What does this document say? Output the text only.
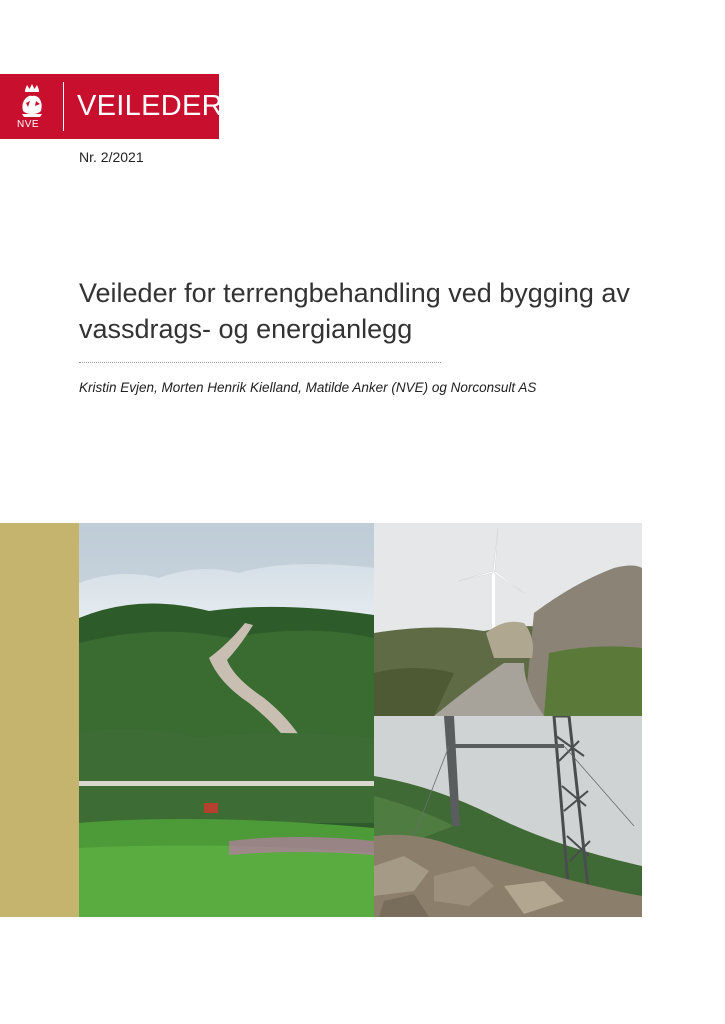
NVE
VEILEDER
Nr. 2/2021
Veileder for terrengbehandling ved bygging av vassdrags- og energianlegg
Kristin Evjen, Morten Henrik Kielland, Matilde Anker (NVE) og Norconsult AS
